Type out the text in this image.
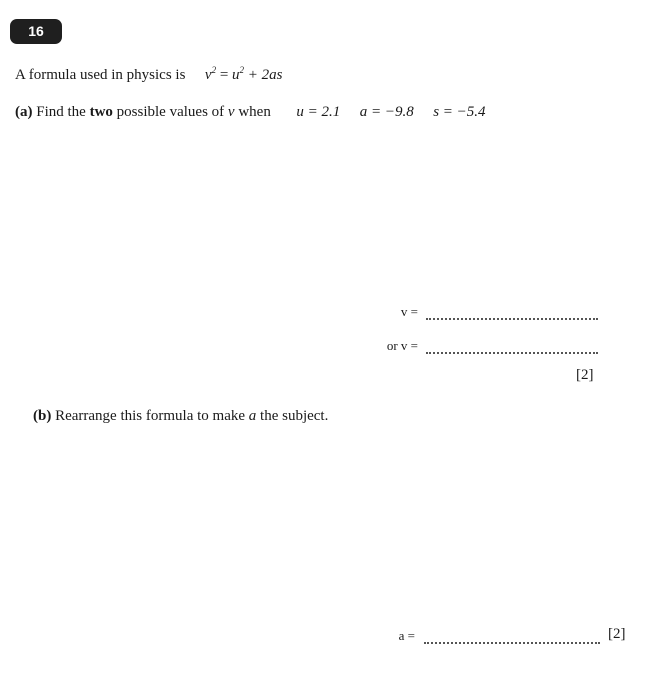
16
A formula used in physics is $v^2 = u^2 + 2as$
(a) Find the two possible values of v when u = 2.1 a = −9.8 s = −5.4
v =
or v =
[2]
(b) Rearrange this formula to make a the subject.
a =	[2]
